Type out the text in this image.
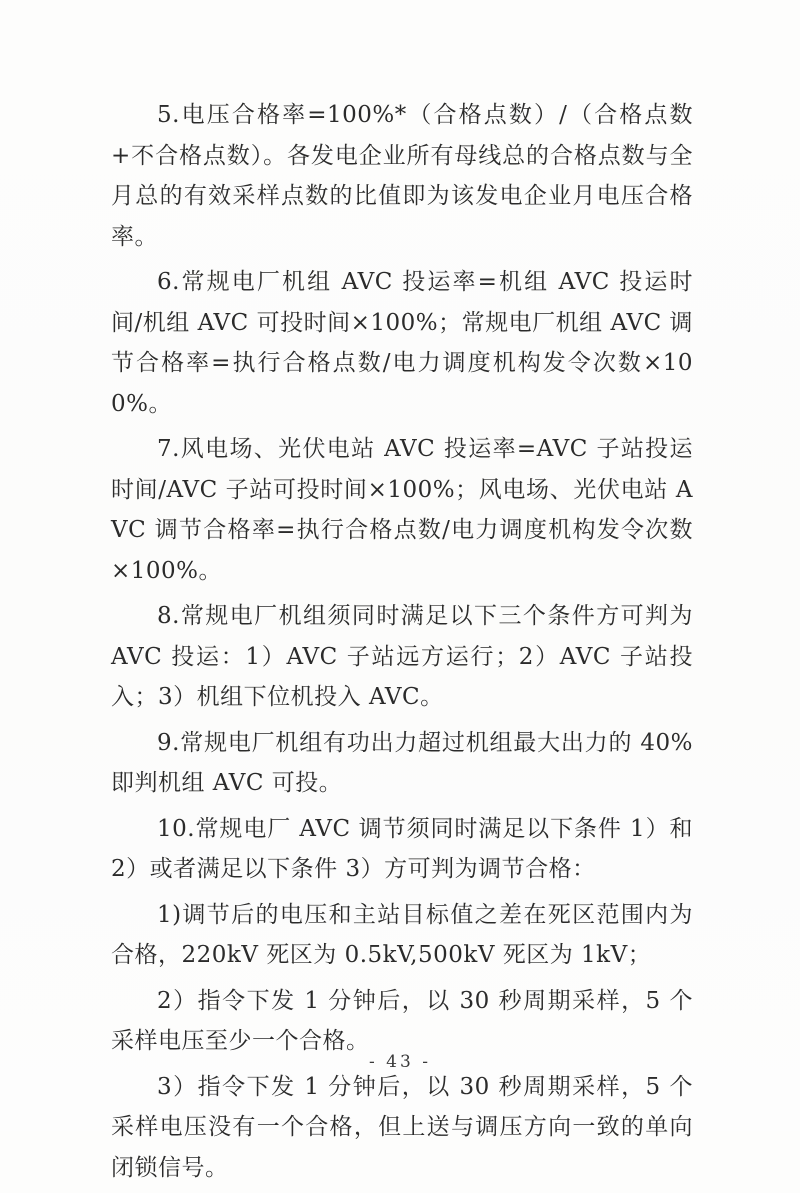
5.电压合格率=100%*（合格点数）/（合格点数+不合格点数）。各发电企业所有母线总的合格点数与全月总的有效采样点数的比值即为该发电企业月电压合格率。

6.常规电厂机组 AVC 投运率=机组 AVC 投运时间/机组 AVC 可投时间×100%；常规电厂机组 AVC 调节合格率=执行合格点数/电力调度机构发令次数×100%。

7.风电场、光伏电站 AVC 投运率=AVC 子站投运时间/AVC 子站可投时间×100%；风电场、光伏电站 AVC 调节合格率=执行合格点数/电力调度机构发令次数×100%。

8.常规电厂机组须同时满足以下三个条件方可判为 AVC 投运：1）AVC 子站远方运行；2）AVC 子站投入；3）机组下位机投入 AVC。

9.常规电厂机组有功出力超过机组最大出力的 40%即判机组 AVC 可投。

10.常规电厂 AVC 调节须同时满足以下条件 1）和 2）或者满足以下条件 3）方可判为调节合格：

1)调节后的电压和主站目标值之差在死区范围内为合格，220kV 死区为 0.5kV,500kV 死区为 1kV；

2）指令下发 1 分钟后，以 30 秒周期采样，5 个采样电压至少一个合格。

3）指令下发 1 分钟后，以 30 秒周期采样，5 个采样电压没有一个合格，但上送与调压方向一致的单向闭锁信号。

- 43 -
